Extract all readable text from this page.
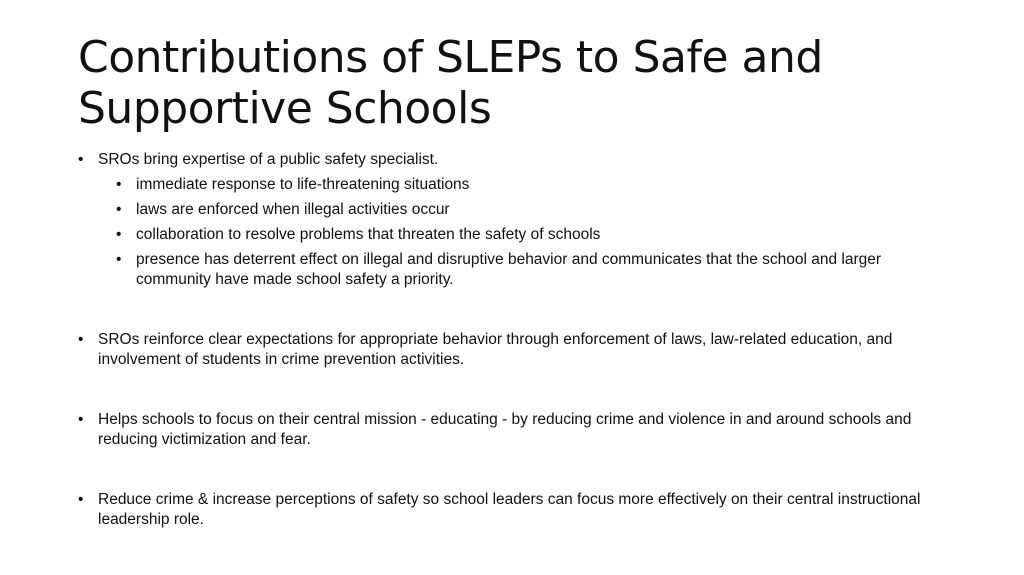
Contributions of SLEPs to Safe and Supportive Schools
• SROs bring expertise of a public safety specialist.
• immediate response to life-threatening situations
• laws are enforced when illegal activities occur
• collaboration to resolve problems that threaten the safety of schools
• presence has deterrent effect on illegal and disruptive behavior and communicates that the school and larger community have made school safety a priority.
• SROs reinforce clear expectations for appropriate behavior through enforcement of laws, law-related education, and involvement of students in crime prevention activities.
• Helps schools to focus on their central mission - educating - by reducing crime and violence in and around schools and reducing victimization and fear.
• Reduce crime & increase perceptions of safety so school leaders can focus more effectively on their central instructional leadership role.
